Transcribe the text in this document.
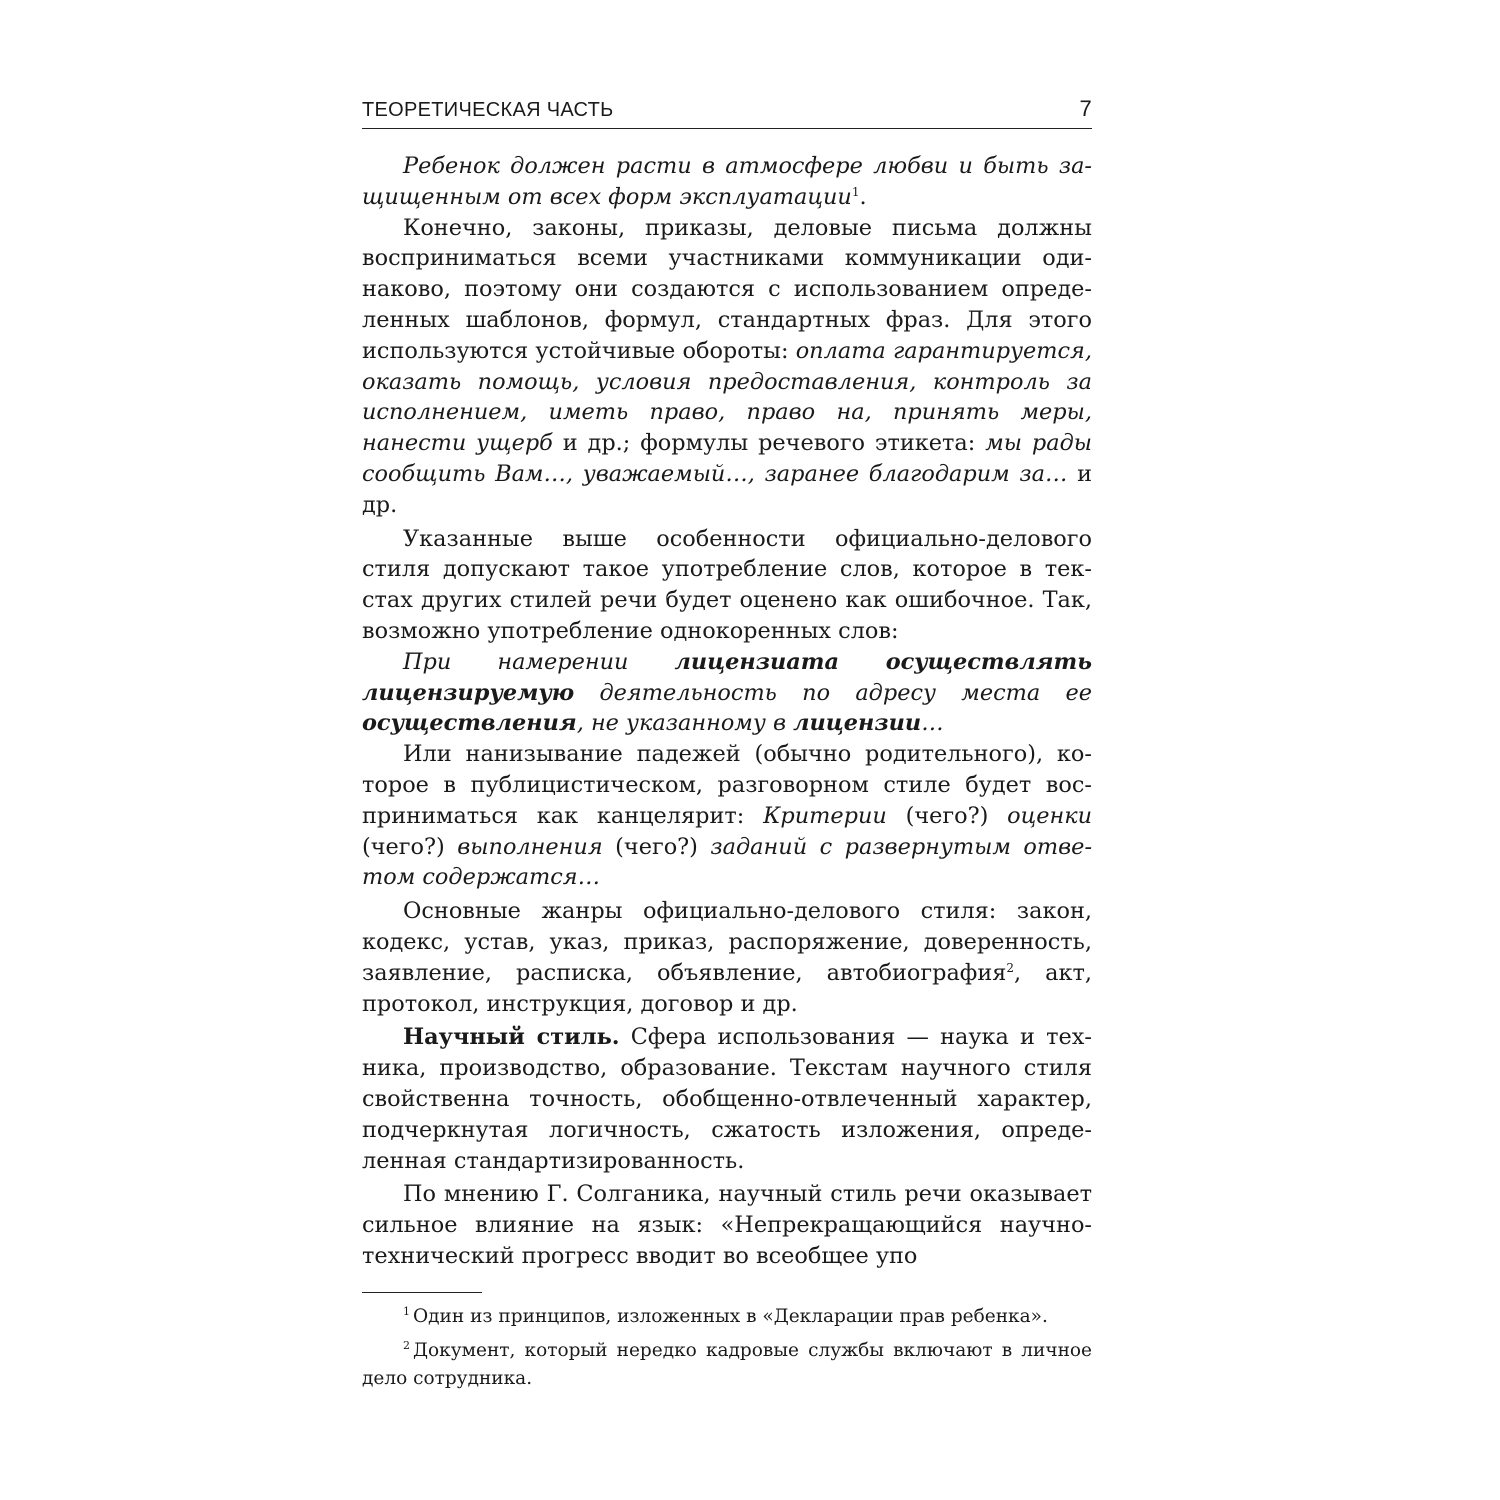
ТЕОРЕТИЧЕСКАЯ ЧАСТЬ	7

Ребенок должен расти в атмосфере любви и быть защищенным от всех форм эксплуатации$^1$.

Конечно, законы, приказы, деловые письма должны восприниматься всеми участниками коммуникации одинаково, поэтому они создаются с использованием определенных шаблонов, формул, стандартных фраз. Для этого используются устойчивые обороты: оплата гарантируется, оказать помощь, условия предоставления, контроль за исполнением, иметь право, право на, принять меры, нанести ущерб и др.; формулы речевого этикета: мы рады сообщить Вам…, уважаемый…, заранее благодарим за… и др.

Указанные выше особенности официально-делового стиля допускают такое употребление слов, которое в текстах других стилей речи будет оценено как ошибочное. Так, возможно употребление однокоренных слов:

При намерении лицензиата осуществлять лицензируемую деятельность по адресу места ее осуществления, не указанному в лицензии…

Или нанизывание падежей (обычно родительного), которое в публицистическом, разговорном стиле будет восприниматься как канцелярит: Критерии (чего?) оценки (чего?) выполнения (чего?) заданий с развернутым ответом содержатся…

Основные жанры официально-делового стиля: закон, кодекс, устав, указ, приказ, распоряжение, доверенность, заявление, расписка, объявление, автобиография$^2$, акт, протокол, инструкция, договор и др.

Научный стиль. Сфера использования — наука и техника, производство, образование. Текстам научного стиля свойственна точность, обобщенно-отвлеченный характер, подчеркнутая логичность, сжатость изложения, определенная стандартизированность.

По мнению Г. Солганика, научный стиль речи оказывает сильное влияние на язык: «Непрекращающийся научно-технический прогресс вводит во всеобщее упо

$^1$ Один из принципов, изложенных в «Декларации прав ребенка».

$^2$ Документ, который нередко кадровые службы включают в личное дело сотрудника.
